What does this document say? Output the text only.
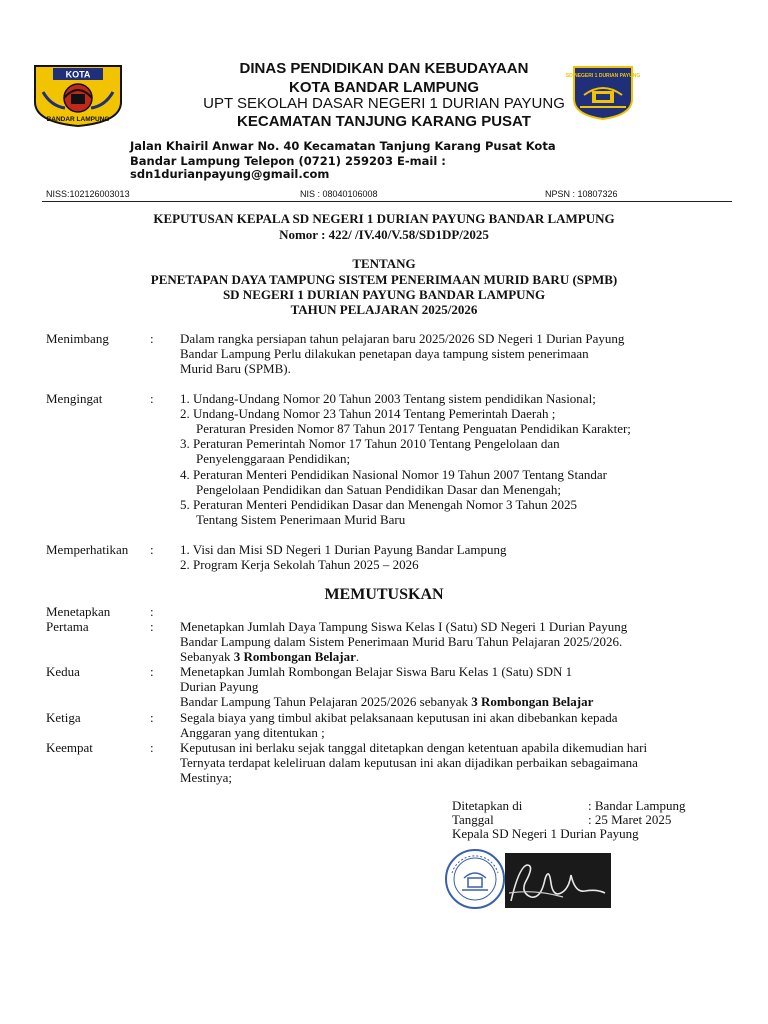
KOTA
BANDAR LAMPUNG
SD NEGERI 1 DURIAN PAYUNG
DINAS PENDIDIKAN DAN KEBUDAYAAN
KOTA BANDAR LAMPUNG
UPT SEKOLAH DASAR NEGERI 1 DURIAN PAYUNG
KECAMATAN TANJUNG KARANG PUSAT
Jalan Khairil Anwar No. 40 Kecamatan Tanjung Karang Pusat Kota
Bandar Lampung Telepon (0721) 259203 E-mail :
sdn1durianpayung@gmail.com
NISS:102126003013	NIS : 08040106008	NPSN : 10807326
KEPUTUSAN KEPALA SD NEGERI 1 DURIAN PAYUNG BANDAR LAMPUNG
Nomor : 422/ /IV.40/V.58/SD1DP/2025
TENTANG
PENETAPAN DAYA TAMPUNG SISTEM PENERIMAAN MURID BARU (SPMB)
SD NEGERI 1 DURIAN PAYUNG BANDAR LAMPUNG
TAHUN PELAJARAN 2025/2026
Menimbang	: Dalam rangka persiapan tahun pelajaran baru 2025/2026 SD Negeri 1 Durian Payung
Bandar Lampung Perlu dilakukan penetapan daya tampung sistem penerimaan
Murid Baru (SPMB).
Mengingat	: 1. Undang-Undang Nomor 20 Tahun 2003 Tentang sistem pendidikan Nasional;
2. Undang-Undang Nomor 23 Tahun 2014 Tentang Pemerintah Daerah ;
Peraturan Presiden Nomor 87 Tahun 2017 Tentang Penguatan Pendidikan Karakter;
3. Peraturan Pemerintah Nomor 17 Tahun 2010 Tentang Pengelolaan dan
Penyelenggaraan Pendidikan;
4. Peraturan Menteri Pendidikan Nasional Nomor 19 Tahun 2007 Tentang Standar
Pengelolaan Pendidikan dan Satuan Pendidikan Dasar dan Menengah;
5. Peraturan Menteri Pendidikan Dasar dan Menengah Nomor 3 Tahun 2025
Tentang Sistem Penerimaan Murid Baru
Memperhatikan : 1. Visi dan Misi SD Negeri 1 Durian Payung Bandar Lampung
2. Program Kerja Sekolah Tahun 2025 – 2026
MEMUTUSKAN
Menetapkan	:
Pertama	: Menetapkan Jumlah Daya Tampung Siswa Kelas I (Satu) SD Negeri 1 Durian Payung
Bandar Lampung dalam Sistem Penerimaan Murid Baru Tahun Pelajaran 2025/2026.
Sebanyak 3 Rombongan Belajar.
Kedua	: Menetapkan Jumlah Rombongan Belajar Siswa Baru Kelas 1 (Satu) SDN 1
Durian Payung
Bandar Lampung Tahun Pelajaran 2025/2026 sebanyak 3 Rombongan Belajar
Ketiga	: Segala biaya yang timbul akibat pelaksanaan keputusan ini akan dibebankan kepada
Anggaran yang ditentukan ;
Keempat	: Keputusan ini berlaku sejak tanggal ditetapkan dengan ketentuan apabila dikemudian hari
Ternyata terdapat keleliruan dalam keputusan ini akan dijadikan perbaikan sebagaimana
Mestinya;
Ditetapkan di	: Bandar Lampung
Tanggal	: 25 Maret 2025
Kepala SD Negeri 1 Durian Payung
